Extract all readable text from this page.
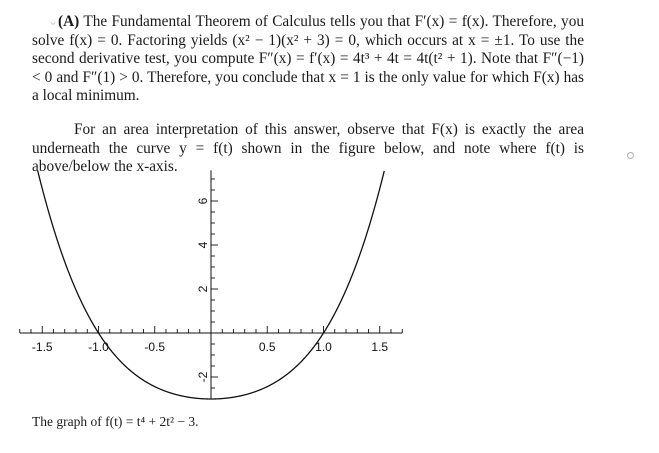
⌄ (A) The Fundamental Theorem of Calculus tells you that F′(x) = f(x). Therefore, you solve f(x) = 0. Factoring yields (x² − 1)(x² + 3) = 0, which occurs at x = ±1. To use the second derivative test, you compute F″(x) = f′(x) = 4t³ + 4t = 4t(t² + 1). Note that F″(−1) < 0 and F″(1) > 0. Therefore, you conclude that x = 1 is the only value for which F(x) has a local minimum.
For an area interpretation of this answer, observe that F(x) is exactly the area underneath the curve y = f(t) shown in the figure below, and note where f(t) is above/below the x-axis.
-1.5	-1.0	-0.5	0.5	1.0	1.5
6
4
2
-2
The graph of f(t) = t⁴ + 2t² − 3.
